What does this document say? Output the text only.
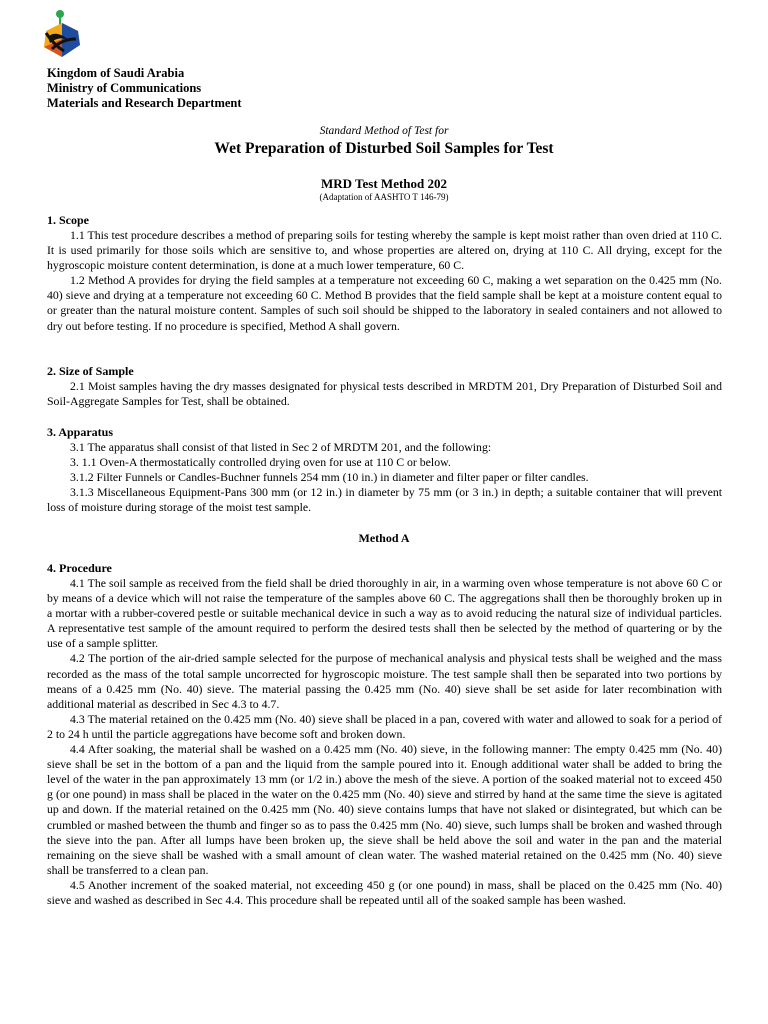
Kingdom of Saudi Arabia
Ministry of Communications
Materials and Research Department
Standard Method of Test for
Wet Preparation of Disturbed Soil Samples for Test
MRD Test Method 202
(Adaptation of AASHTO T 146-79)
1. Scope
1.1 This test procedure describes a method of preparing soils for testing whereby the sample is kept moist rather than oven dried at 110 C. It is used primarily for those soils which are sensitive to, and whose properties are altered on, drying at 110 C. All drying, except for the hygroscopic moisture content determination, is done at a much lower temperature, 60 C.
1.2 Method A provides for drying the field samples at a temperature not exceeding 60 C, making a wet separation on the 0.425 mm (No. 40) sieve and drying at a temperature not exceeding 60 C. Method B provides that the field sample shall be kept at a moisture content equal to or greater than the natural moisture content. Samples of such soil should be shipped to the laboratory in sealed containers and not allowed to dry out before testing. If no procedure is specified, Method A shall govern.
2. Size of Sample
2.1 Moist samples having the dry masses designated for physical tests described in MRDTM 201, Dry Preparation of Disturbed Soil and Soil-Aggregate Samples for Test, shall be obtained.
3. Apparatus
3.1 The apparatus shall consist of that listed in Sec 2 of MRDTM 201, and the following:
3. 1.1 Oven-A thermostatically controlled drying oven for use at 110 C or below.
3.1.2 Filter Funnels or Candles-Buchner funnels 254 mm (10 in.) in diameter and filter paper or filter candles.
3.1.3 Miscellaneous Equipment-Pans 300 mm (or 12 in.) in diameter by 75 mm (or 3 in.) in depth; a suitable container that will prevent loss of moisture during storage of the moist test sample.
Method A
4. Procedure
4.1 The soil sample as received from the field shall be dried thoroughly in air, in a warming oven whose temperature is not above 60 C or by means of a device which will not raise the temperature of the samples above 60 C. The aggregations shall then be thoroughly broken up in a mortar with a rubber-covered pestle or suitable mechanical device in such a way as to avoid reducing the natural size of individual particles. A representative test sample of the amount required to perform the desired tests shall then be selected by the method of quartering or by the use of a sample splitter.
4.2 The portion of the air-dried sample selected for the purpose of mechanical analysis and physical tests shall be weighed and the mass recorded as the mass of the total sample uncorrected for hygroscopic moisture. The test sample shall then be separated into two portions by means of a 0.425 mm (No. 40) sieve. The material passing the 0.425 mm (No. 40) sieve shall be set aside for later recombination with additional material as described in Sec 4.3 to 4.7.
4.3 The material retained on the 0.425 mm (No. 40) sieve shall be placed in a pan, covered with water and allowed to soak for a period of 2 to 24 h until the particle aggregations have become soft and broken down.
4.4 After soaking, the material shall be washed on a 0.425 mm (No. 40) sieve, in the following manner: The empty 0.425 mm (No. 40) sieve shall be set in the bottom of a pan and the liquid from the sample poured into it. Enough additional water shall be added to bring the level of the water in the pan approximately 13 mm (or 1/2 in.) above the mesh of the sieve. A portion of the soaked material not to exceed 450 g (or one pound) in mass shall be placed in the water on the 0.425 mm (No. 40) sieve and stirred by hand at the same time the sieve is agitated up and down. If the material retained on the 0.425 mm (No. 40) sieve contains lumps that have not slaked or disintegrated, but which can be crumbled or mashed between the thumb and finger so as to pass the 0.425 mm (No. 40) sieve, such lumps shall be broken and washed through the sieve into the pan. After all lumps have been broken up, the sieve shall be held above the soil and water in the pan and the material remaining on the sieve shall be washed with a small amount of clean water. The washed material retained on the 0.425 mm (No. 40) sieve shall be transferred to a clean pan.
4.5 Another increment of the soaked material, not exceeding 450 g (or one pound) in mass, shall be placed on the 0.425 mm (No. 40) sieve and washed as described in Sec 4.4. This procedure shall be repeated until all of the soaked sample has been washed.
